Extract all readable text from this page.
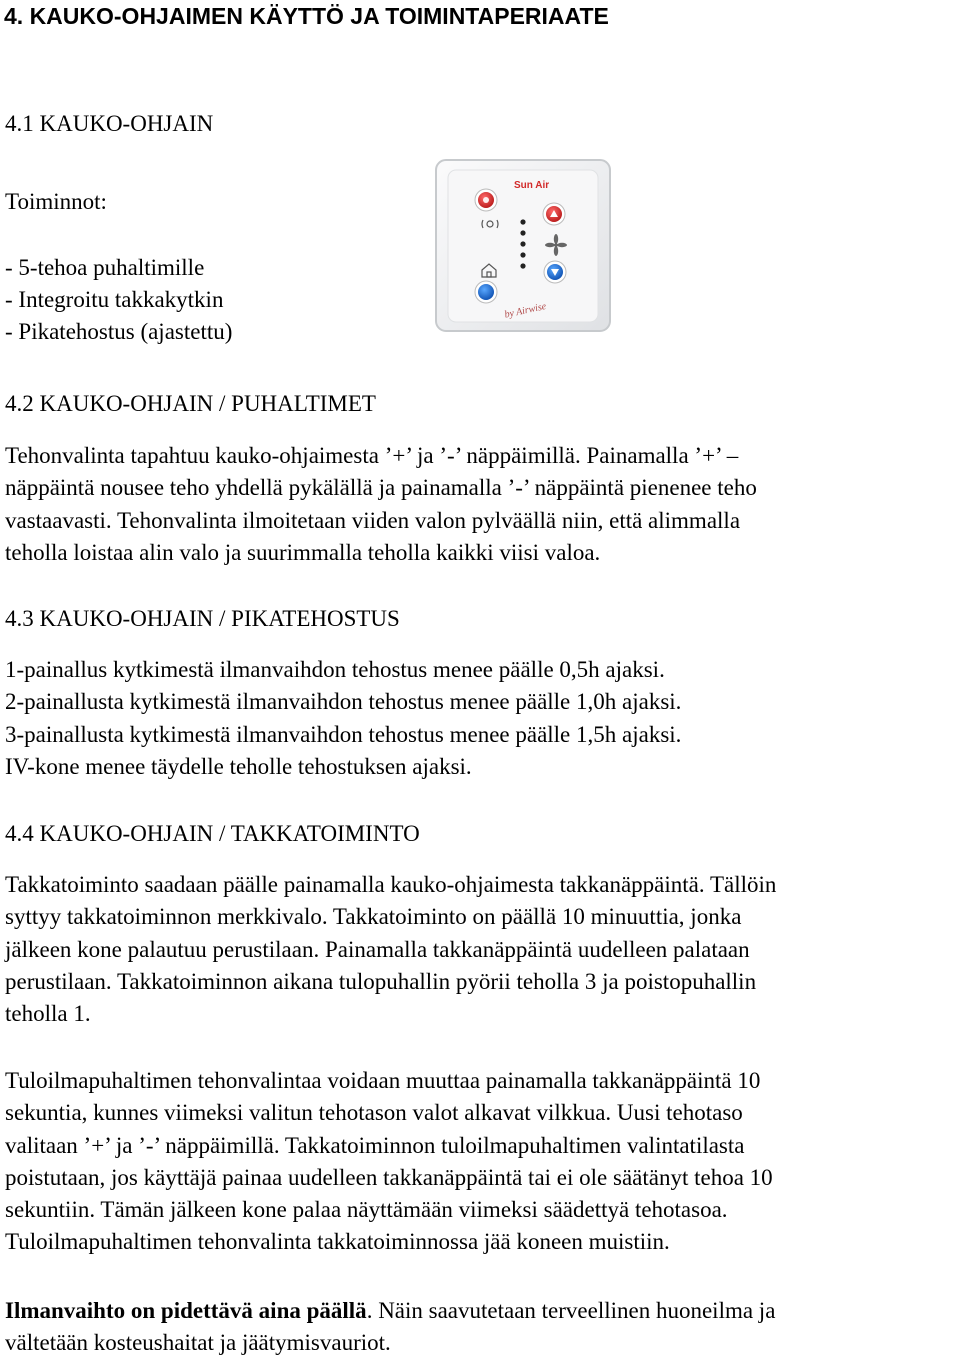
4. KAUKO-OHJAIMEN KÄYTTÖ JA TOIMINTAPERIAATE
4.1 KAUKO-OHJAIN

Toiminnot:

- 5-tehoa puhaltimille
- Integroitu takkakytkin
- Pikatehostus (ajastettu)
Sun Air
by Airwise
4.2 KAUKO-OHJAIN / PUHALTIMET
Tehonvalinta tapahtuu kauko-ohjaimesta ’+’ ja ’-’ näppäimillä. Painamalla ’+’ –
näppäintä nousee teho yhdellä pykälällä ja painamalla ’-’ näppäintä pienenee teho
vastaavasti. Tehonvalinta ilmoitetaan viiden valon pylväällä niin, että alimmalla
teholla loistaa alin valo ja suurimmalla teholla kaikki viisi valoa.
4.3 KAUKO-OHJAIN / PIKATEHOSTUS
1-painallus kytkimestä ilmanvaihdon tehostus menee päälle 0,5h ajaksi.
2-painallusta kytkimestä ilmanvaihdon tehostus menee päälle 1,0h ajaksi.
3-painallusta kytkimestä ilmanvaihdon tehostus menee päälle 1,5h ajaksi.
IV-kone menee täydelle teholle tehostuksen ajaksi.
4.4 KAUKO-OHJAIN / TAKKATOIMINTO
Takkatoiminto saadaan päälle painamalla kauko-ohjaimesta takkanäppäintä. Tällöin
syttyy takkatoiminnon merkkivalo. Takkatoiminto on päällä 10 minuuttia, jonka
jälkeen kone palautuu perustilaan. Painamalla takkanäppäintä uudelleen palataan
perustilaan. Takkatoiminnon aikana tulopuhallin pyörii teholla 3 ja poistopuhallin
teholla 1.
Tuloilmapuhaltimen tehonvalintaa voidaan muuttaa painamalla takkanäppäintä 10
sekuntia, kunnes viimeksi valitun tehotason valot alkavat vilkkua. Uusi tehotaso
valitaan ’+’ ja ’-’ näppäimillä. Takkatoiminnon tuloilmapuhaltimen valintatilasta
poistutaan, jos käyttäjä painaa uudelleen takkanäppäintä tai ei ole säätänyt tehoa 10
sekuntiin. Tämän jälkeen kone palaa näyttämään viimeksi säädettyä tehotasoa.
Tuloilmapuhaltimen tehonvalinta takkatoiminnossa jää koneen muistiin.
Ilmanvaihto on pidettävä aina päällä. Näin saavutetaan terveellinen huoneilma ja
vältetään kosteushaitat ja jäätymisvauriot.
